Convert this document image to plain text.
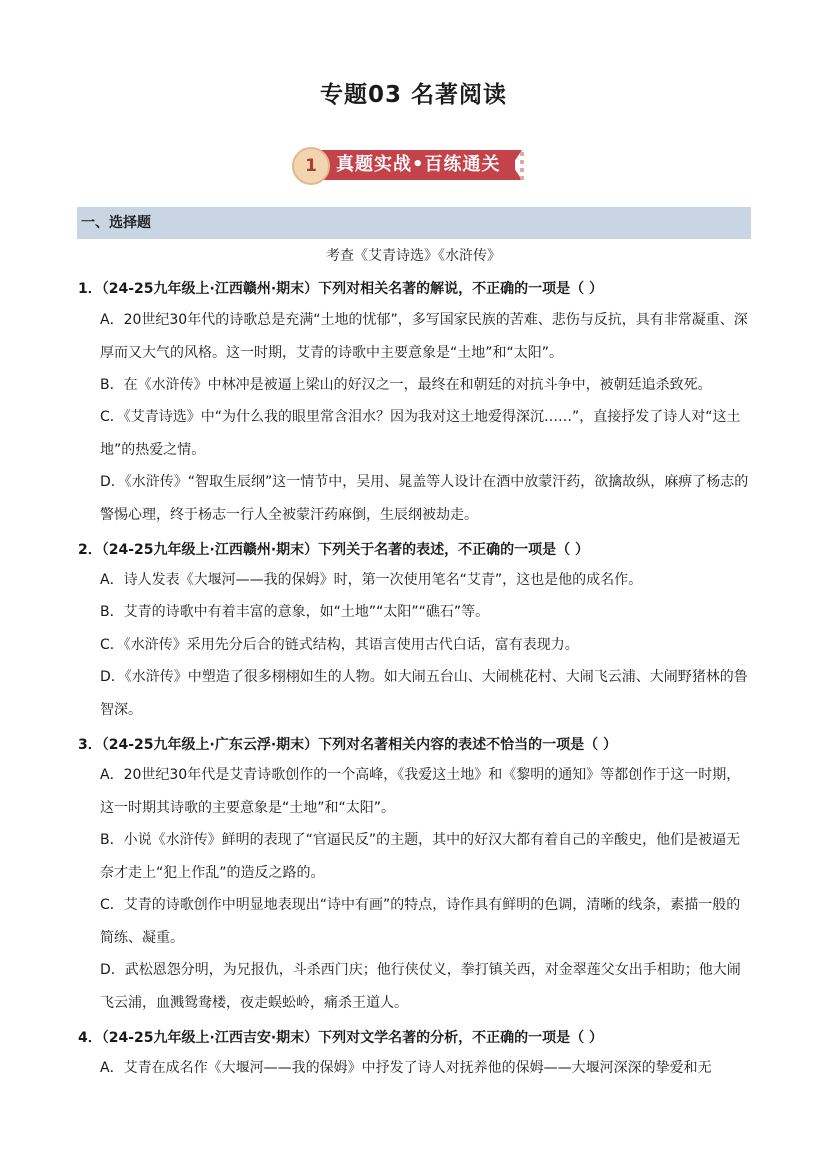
专题03 名著阅读
1	真题实战•百练通关
一、选择题
考查《艾青诗选》《水浒传》
1．（24-25九年级上·江西赣州·期末）下列对相关名著的解说，不正确的一项是（ ）
A．20世纪30年代的诗歌总是充满“土地的忧郁”，多写国家民族的苦难、悲伤与反抗，具有非常凝重、深厚而又大气的风格。这一时期，艾青的诗歌中主要意象是“土地”和“太阳”。
B．在《水浒传》中林冲是被逼上梁山的好汉之一，最终在和朝廷的对抗斗争中，被朝廷追杀致死。
C．《艾青诗选》中“为什么我的眼里常含泪水？因为我对这土地爱得深沉……”，直接抒发了诗人对“这土地”的热爱之情。
D．《水浒传》“智取生辰纲”这一情节中，吴用、晁盖等人设计在酒中放蒙汗药，欲擒故纵，麻痹了杨志的警惕心理，终于杨志一行人全被蒙汗药麻倒，生辰纲被劫走。
2．（24-25九年级上·江西赣州·期末）下列关于名著的表述，不正确的一项是（ ）
A．诗人发表《大堰河——我的保姆》时，第一次使用笔名“艾青”，这也是他的成名作。
B．艾青的诗歌中有着丰富的意象，如“土地”“太阳”“礁石”等。
C．《水浒传》采用先分后合的链式结构，其语言使用古代白话，富有表现力。
D．《水浒传》中塑造了很多栩栩如生的人物。如大闹五台山、大闹桃花村、大闹飞云浦、大闹野猪林的鲁智深。
3．（24-25九年级上·广东云浮·期末）下列对名著相关内容的表述不恰当的一项是（ ）
A．20世纪30年代是艾青诗歌创作的一个高峰，《我爱这土地》和《黎明的通知》等都创作于这一时期，这一时期其诗歌的主要意象是“土地”和“太阳”。
B．小说《水浒传》鲜明的表现了“官逼民反”的主题，其中的好汉大都有着自己的辛酸史，他们是被逼无奈才走上“犯上作乱”的造反之路的。
C．艾青的诗歌创作中明显地表现出“诗中有画”的特点，诗作具有鲜明的色调，清晰的线条，素描一般的简练、凝重。
D．武松恩怨分明，为兄报仇，斗杀西门庆；他行侠仗义，拳打镇关西，对金翠莲父女出手相助；他大闹飞云浦，血溅鸳鸯楼，夜走蜈蚣岭，痛杀王道人。
4．（24-25九年级上·江西吉安·期末）下列对文学名著的分析，不正确的一项是（ ）
A．艾青在成名作《大堰河——我的保姆》中抒发了诗人对抚养他的保姆——大堰河深深的挚爱和无
